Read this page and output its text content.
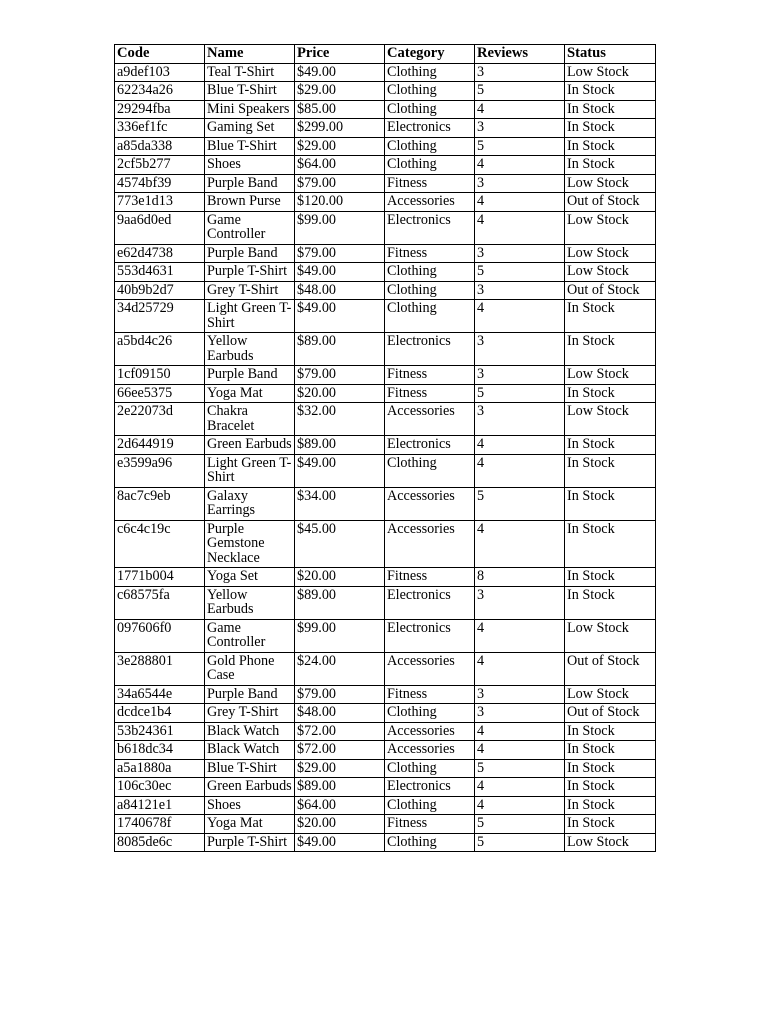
Code	Name	Price	Category	Reviews	Status
a9def103	Teal T-Shirt	$49.00	Clothing	3	Low Stock
62234a26	Blue T-Shirt	$29.00	Clothing	5	In Stock
29294fba	Mini Speakers	$85.00	Clothing	4	In Stock
336ef1fc	Gaming Set	$299.00	Electronics	3	In Stock
a85da338	Blue T-Shirt	$29.00	Clothing	5	In Stock
2cf5b277	Shoes	$64.00	Clothing	4	In Stock
4574bf39	Purple Band	$79.00	Fitness	3	Low Stock
773e1d13	Brown Purse	$120.00	Accessories	4	Out of Stock
9aa6d0ed	Game Controller	$99.00	Electronics	4	Low Stock
e62d4738	Purple Band	$79.00	Fitness	3	Low Stock
553d4631	Purple T-Shirt	$49.00	Clothing	5	Low Stock
40b9b2d7	Grey T-Shirt	$48.00	Clothing	3	Out of Stock
34d25729	Light Green T-Shirt	$49.00	Clothing	4	In Stock
a5bd4c26	Yellow Earbuds	$89.00	Electronics	3	In Stock
1cf09150	Purple Band	$79.00	Fitness	3	Low Stock
66ee5375	Yoga Mat	$20.00	Fitness	5	In Stock
2e22073d	Chakra Bracelet	$32.00	Accessories	3	Low Stock
2d644919	Green Earbuds	$89.00	Electronics	4	In Stock
e3599a96	Light Green T-Shirt	$49.00	Clothing	4	In Stock
8ac7c9eb	Galaxy Earrings	$34.00	Accessories	5	In Stock
c6c4c19c	Purple Gemstone Necklace	$45.00	Accessories	4	In Stock
1771b004	Yoga Set	$20.00	Fitness	8	In Stock
c68575fa	Yellow Earbuds	$89.00	Electronics	3	In Stock
097606f0	Game Controller	$99.00	Electronics	4	Low Stock
3e288801	Gold Phone Case	$24.00	Accessories	4	Out of Stock
34a6544e	Purple Band	$79.00	Fitness	3	Low Stock
dcdce1b4	Grey T-Shirt	$48.00	Clothing	3	Out of Stock
53b24361	Black Watch	$72.00	Accessories	4	In Stock
b618dc34	Black Watch	$72.00	Accessories	4	In Stock
a5a1880a	Blue T-Shirt	$29.00	Clothing	5	In Stock
106c30ec	Green Earbuds	$89.00	Electronics	4	In Stock
a84121e1	Shoes	$64.00	Clothing	4	In Stock
1740678f	Yoga Mat	$20.00	Fitness	5	In Stock
8085de6c	Purple T-Shirt	$49.00	Clothing	5	Low Stock
